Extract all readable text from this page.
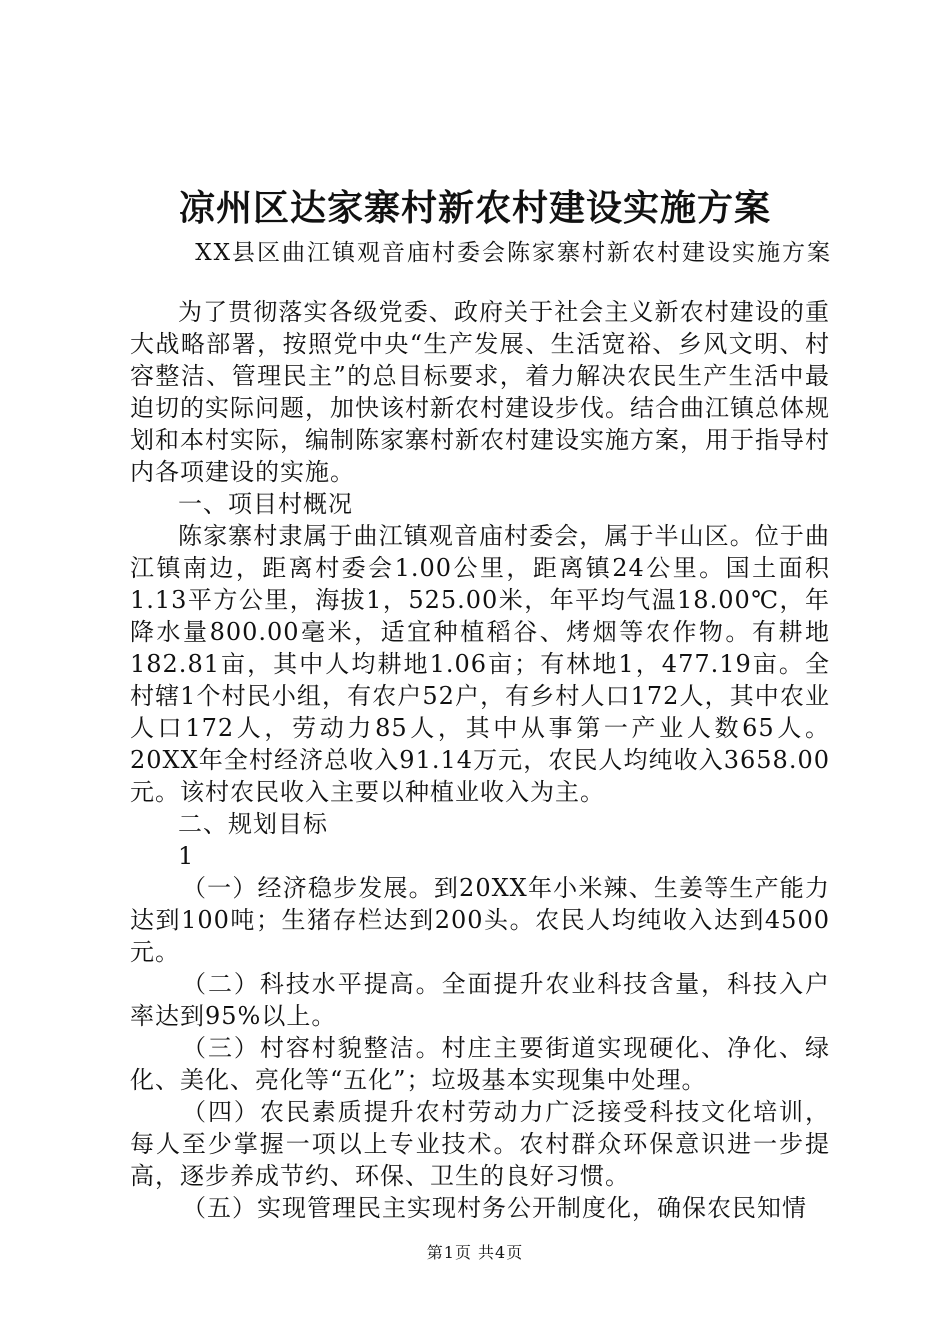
凉州区达家寨村新农村建设实施方案
XX县区曲江镇观音庙村委会陈家寨村新农村建设实施方案

为了贯彻落实各级党委、政府关于社会主义新农村建设的重大战略部署，按照党中央“生产发展、生活宽裕、乡风文明、村容整洁、管理民主”的总目标要求，着力解决农民生产生活中最迫切的实际问题，加快该村新农村建设步伐。结合曲江镇总体规划和本村实际，编制陈家寨村新农村建设实施方案，用于指导村内各项建设的实施。

一、项目村概况

陈家寨村隶属于曲江镇观音庙村委会，属于半山区。位于曲江镇南边，距离村委会1.00公里，距离镇24公里。国土面积1.13平方公里，海拔1，525.00米，年平均气温18.00℃，年降水量800.00毫米，适宜种植稻谷、烤烟等农作物。有耕地182.81亩，其中人均耕地1.06亩；有林地1，477.19亩。全村辖1个村民小组，有农户52户，有乡村人口172人，其中农业人口172人，劳动力85人，其中从事第一产业人数65人。20XX年全村经济总收入91.14万元，农民人均纯收入3658.00元。该村农民收入主要以种植业收入为主。

二、规划目标

1

（一）经济稳步发展。到20XX年小米辣、生姜等生产能力达到100吨；生猪存栏达到200头。农民人均纯收入达到4500元。

（二）科技水平提高。全面提升农业科技含量，科技入户率达到95%以上。

（三）村容村貌整洁。村庄主要街道实现硬化、净化、绿化、美化、亮化等“五化”；垃圾基本实现集中处理。

（四）农民素质提升农村劳动力广泛接受科技文化培训，每人至少掌握一项以上专业技术。农村群众环保意识进一步提高，逐步养成节约、环保、卫生的良好习惯。

（五）实现管理民主实现村务公开制度化，确保农民知情

第1页 共4页
